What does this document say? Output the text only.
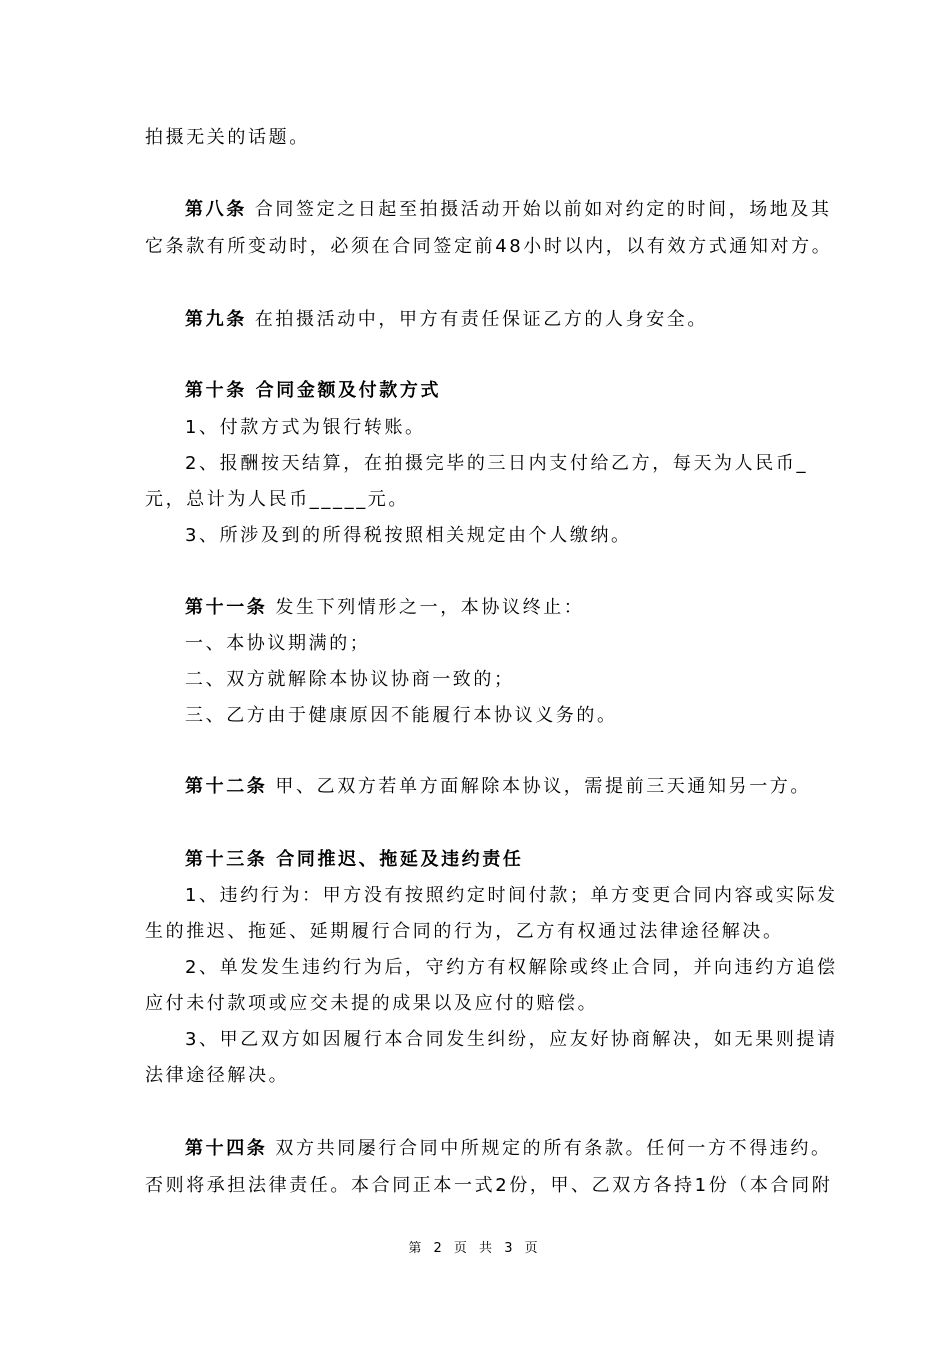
拍摄无关的话题。
第八条 合同签定之日起至拍摄活动开始以前如对约定的时间，场地及其
它条款有所变动时，必须在合同签定前48小时以内，以有效方式通知对方。
第九条 在拍摄活动中，甲方有责任保证乙方的人身安全。
第十条 合同金额及付款方式
1、付款方式为银行转账。
2、报酬按天结算，在拍摄完毕的三日内支付给乙方，每天为人民币_
元，总计为人民币_____元。
3、所涉及到的所得税按照相关规定由个人缴纳。
第十一条 发生下列情形之一，本协议终止：
一、本协议期满的；
二、双方就解除本协议协商一致的；
三、乙方由于健康原因不能履行本协议义务的。
第十二条 甲、乙双方若单方面解除本协议，需提前三天通知另一方。
第十三条 合同推迟、拖延及违约责任
1、违约行为：甲方没有按照约定时间付款；单方变更合同内容或实际发
生的推迟、拖延、延期履行合同的行为，乙方有权通过法律途径解决。
2、单发发生违约行为后，守约方有权解除或终止合同，并向违约方追偿
应付未付款项或应交未提的成果以及应付的赔偿。
3、甲乙双方如因履行本合同发生纠纷，应友好协商解决，如无果则提请
法律途径解决。
第十四条 双方共同屡行合同中所规定的所有条款。任何一方不得违约。
否则将承担法律责任。本合同正本一式2份，甲、乙双方各持1份（本合同附
第 2 页 共 3 页
